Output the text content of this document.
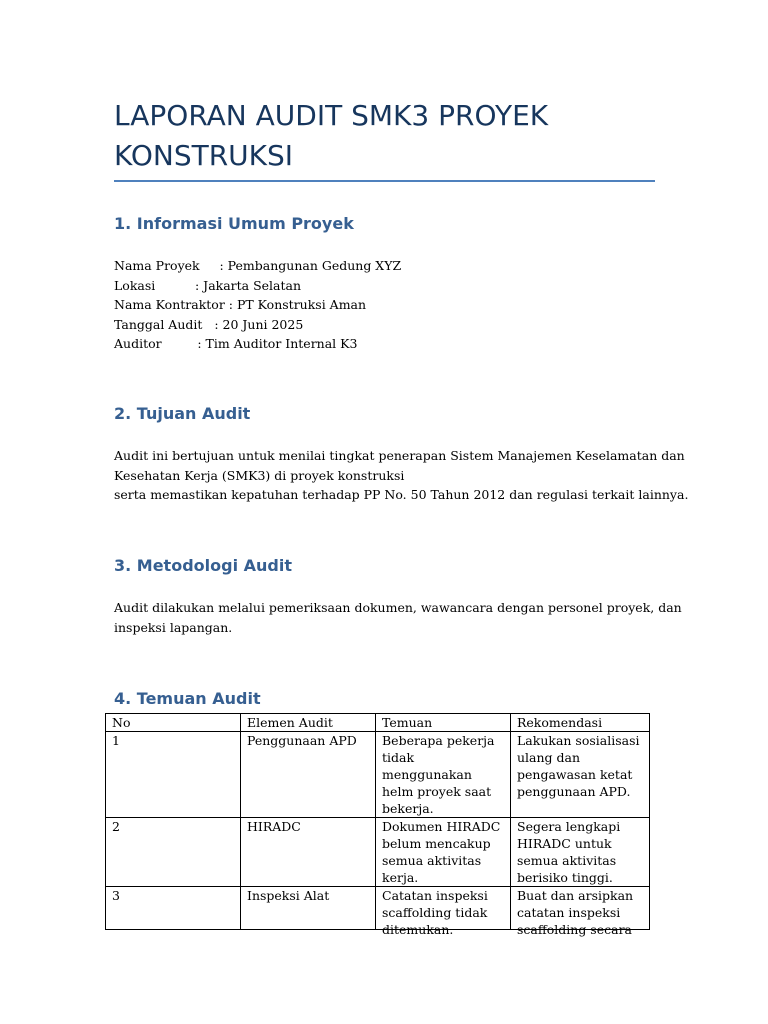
LAPORAN AUDIT SMK3 PROYEK KONSTRUKSI
1. Informasi Umum Proyek
Nama Proyek     : Pembangunan Gedung XYZ
Lokasi          : Jakarta Selatan
Nama Kontraktor : PT Konstruksi Aman
Tanggal Audit   : 20 Juni 2025
Auditor         : Tim Auditor Internal K3
2. Tujuan Audit
Audit ini bertujuan untuk menilai tingkat penerapan Sistem Manajemen Keselamatan dan
Kesehatan Kerja (SMK3) di proyek konstruksi
serta memastikan kepatuhan terhadap PP No. 50 Tahun 2012 dan regulasi terkait lainnya.
3. Metodologi Audit
Audit dilakukan melalui pemeriksaan dokumen, wawancara dengan personel proyek, dan
inspeksi lapangan.
4. Temuan Audit
No	Elemen Audit	Temuan	Rekomendasi
1	Penggunaan APD	Beberapa pekerja tidak menggunakan helm proyek saat bekerja.	Lakukan sosialisasi ulang dan pengawasan ketat penggunaan APD.
2	HIRADC	Dokumen HIRADC belum mencakup semua aktivitas kerja.	Segera lengkapi HIRADC untuk semua aktivitas berisiko tinggi.

3	Inspeksi Alat	Catatan inspeksi scaffolding tidak ditemukan.	Buat dan arsipkan catatan inspeksi scaffolding secara
